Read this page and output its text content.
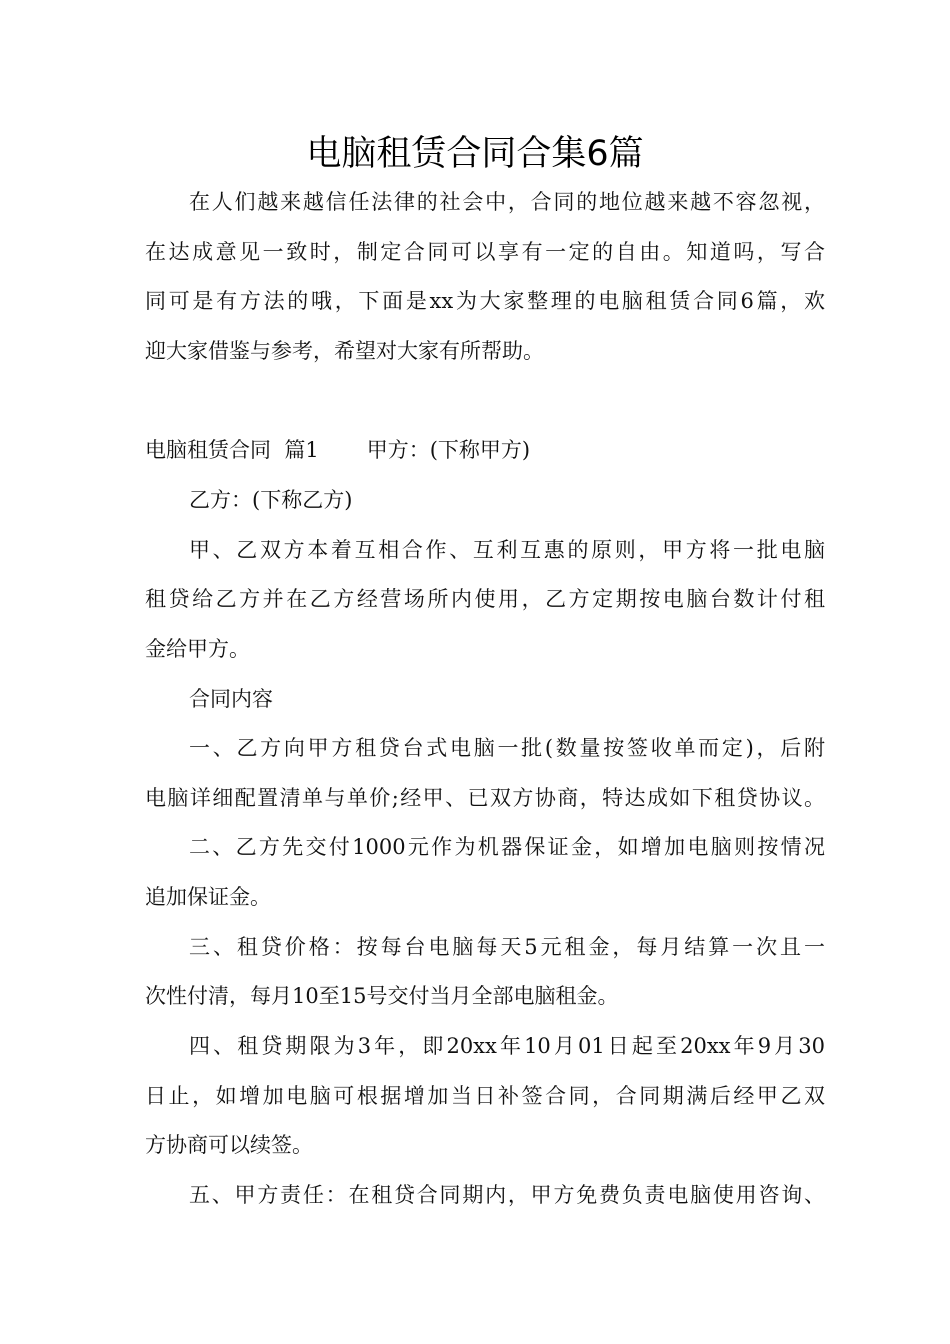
电脑租赁合同合集6篇
在人们越来越信任法律的社会中，合同的地位越来越不容忽视，
在达成意见一致时，制定合同可以享有一定的自由。知道吗，写合
同可是有方法的哦，下面是xx为大家整理的电脑租赁合同6篇，欢
迎大家借鉴与参考，希望对大家有所帮助。
电脑租赁合同  篇1 甲方：(下称甲方)
乙方：(下称乙方)
甲、乙双方本着互相合作、互利互惠的原则，甲方将一批电脑
租贷给乙方并在乙方经营场所内使用，乙方定期按电脑台数计付租
金给甲方。
合同内容
一、乙方向甲方租贷台式电脑一批(数量按签收单而定)，后附
电脑详细配置清单与单价;经甲、已双方协商，特达成如下租贷协议。
二、乙方先交付1000元作为机器保证金，如增加电脑则按情况
追加保证金。
三、租贷价格：按每台电脑每天5元租金，每月结算一次且一
次性付清，每月10至15号交付当月全部电脑租金。
四、租贷期限为3年，即20xx年10月01日起至20xx年9月30
日止，如增加电脑可根据增加当日补签合同，合同期满后经甲乙双
方协商可以续签。
五、甲方责任：在租贷合同期内，甲方免费负责电脑使用咨询、
